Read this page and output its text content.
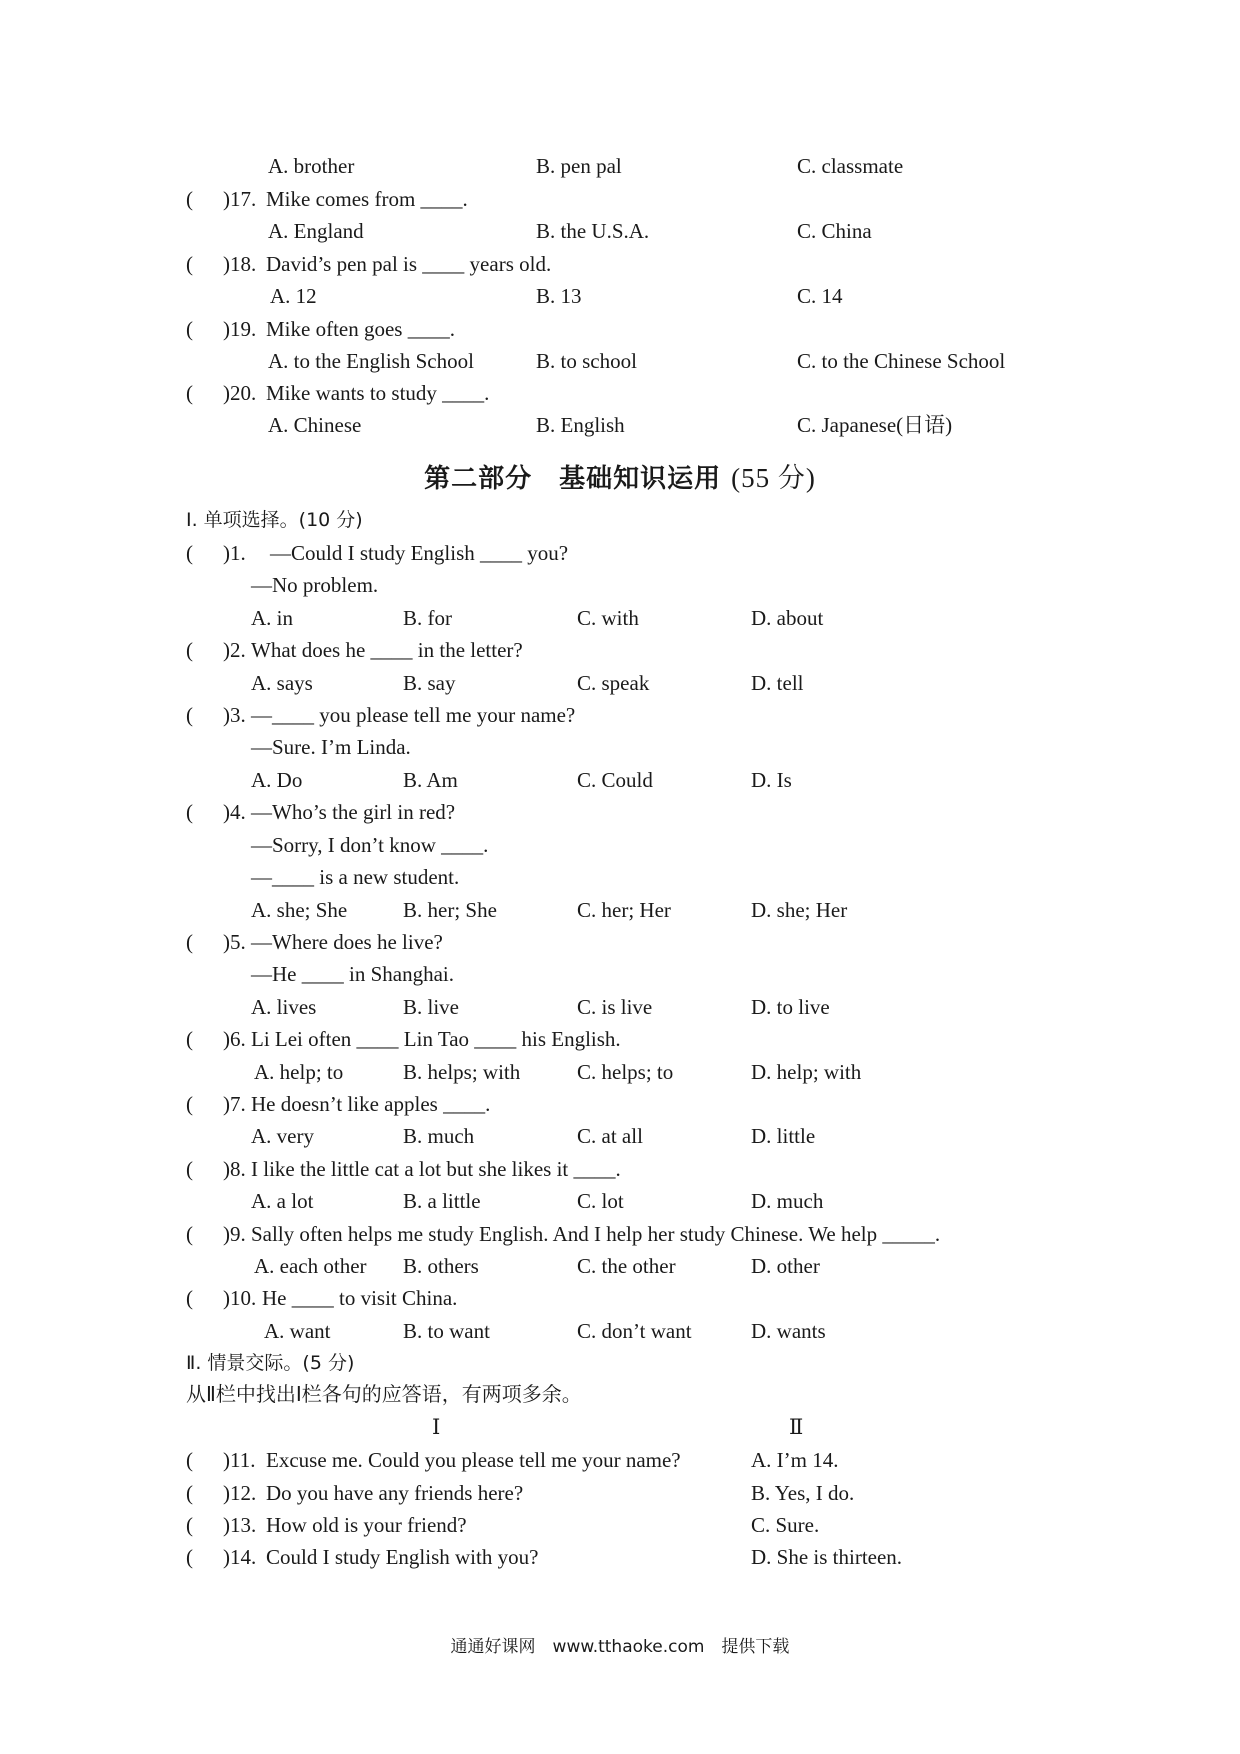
A. brother	B. pen pal	C. classmate
( )17. Mike comes from ____.
A. England	B. the U.S.A.	C. China
( )18. David’s pen pal is ____ years old.
A. 12	B. 13	C. 14
( )19. Mike often goes ____.
A. to the English School	B. to school	C. to the Chinese School
( )20. Mike wants to study ____.
A. Chinese	B. English	C. Japanese(日语)
第二部分　基础知识运用 (55 分)
Ⅰ. 单项选择。(10 分)
( )1. —Could I study English ____ you?
—No problem.
A. in	B. for	C. with	D. about
( )2. What does he ____ in the letter?
A. says	B. say	C. speak	D. tell
( )3. —____ you please tell me your name?
—Sure. I’m Linda.
A. Do	B. Am	C. Could	D. Is
( )4. —Who’s the girl in red?
—Sorry, I don’t know ____.
—____ is a new student.
A. she; She	B. her; She	C. her; Her	D. she; Her
( )5. —Where does he live?
—He ____ in Shanghai.
A. lives	B. live	C. is live	D. to live
( )6. Li Lei often ____ Lin Tao ____ his English.
A. help; to	B. helps; with	C. helps; to	D. help; with
( )7. He doesn’t like apples ____.
A. very	B. much	C. at all	D. little
( )8. I like the little cat a lot but she likes it ____.
A. a lot	B. a little	C. lot	D. much
( )9. Sally often helps me study English. And I help her study Chinese. We help _____.
A. each other B. others	C. the other	D. other
( )10. He ____ to visit China.
A. want	B. to want	C. don’t want	D. wants
Ⅱ. 情景交际。(5 分)
从Ⅱ栏中找出Ⅰ栏各句的应答语，有两项多余。
Ⅰ	Ⅱ
( )11. Excuse me. Could you please tell me your name?	A. I’m 14.
( )12. Do you have any friends here?	B. Yes, I do.
( )13. How old is your friend?	C. Sure.
( )14. Could I study English with you?	D. She is thirteen.
通通好课网　www.tthaoke.com　提供下载
